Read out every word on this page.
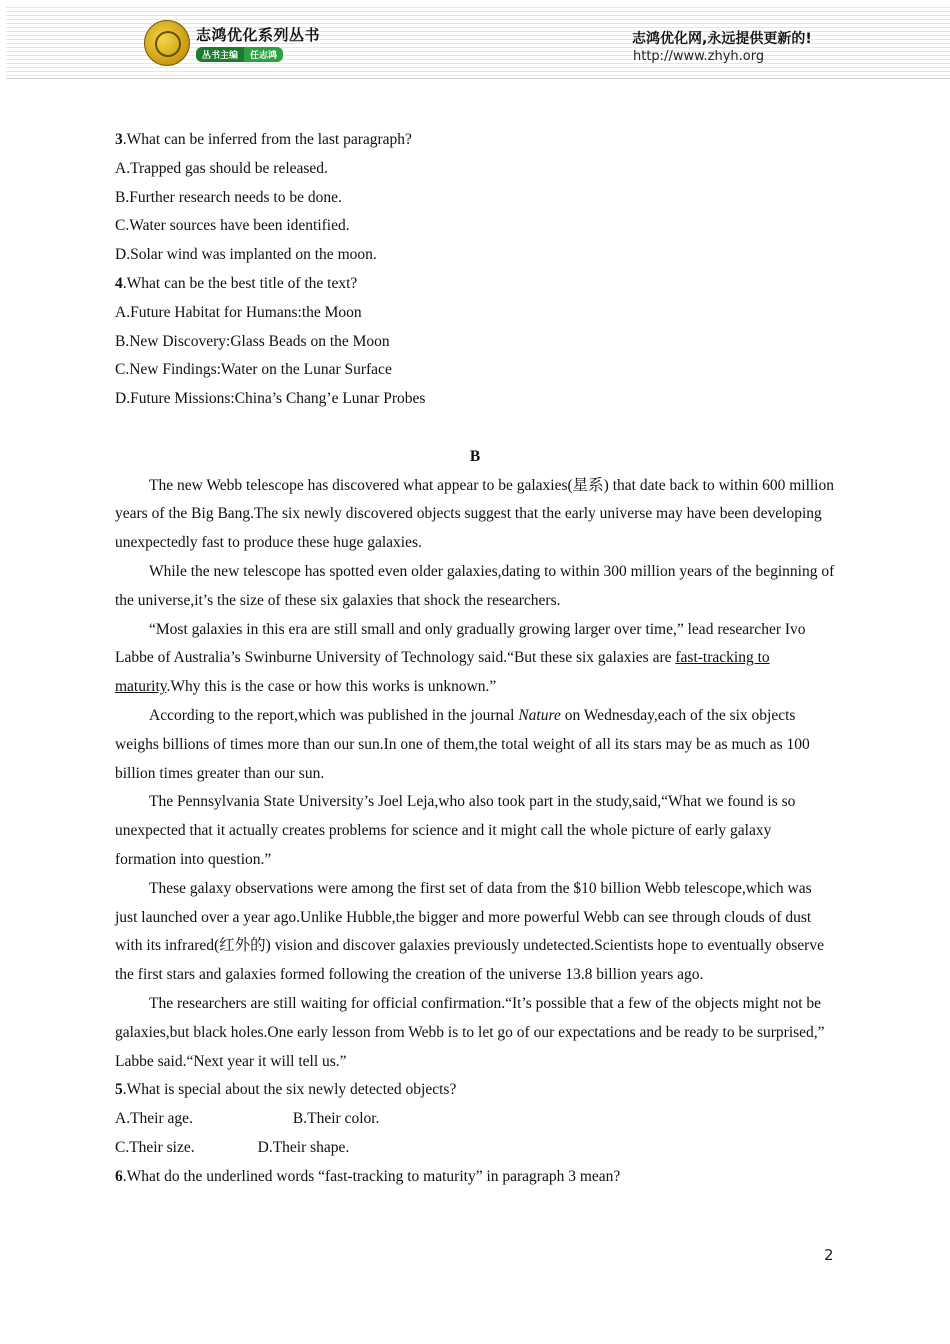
志鸿优化系列丛书
丛书主编	任志鸿
志鸿优化网,永远提供更新的!
http://www.zhyh.org

3.What can be inferred from the last paragraph?

A.Trapped gas should be released.

B.Further research needs to be done.

C.Water sources have been identified.

D.Solar wind was implanted on the moon.

4.What can be the best title of the text?

A.Future Habitat for Humans:the Moon

B.New Discovery:Glass Beads on the Moon

C.New Findings:Water on the Lunar Surface

D.Future Missions:China’s Chang’e Lunar Probes

B

The new Webb telescope has discovered what appear to be galaxies(星系) that date back to within 600 million years of the Big Bang.The six newly discovered objects suggest that the early universe may have been developing unexpectedly fast to produce these huge galaxies.

While the new telescope has spotted even older galaxies,dating to within 300 million years of the beginning of the universe,it’s the size of these six galaxies that shock the researchers.

“Most galaxies in this era are still small and only gradually growing larger over time,” lead researcher Ivo Labbe of Australia’s Swinburne University of Technology said.“But these six galaxies are fast-tracking to maturity.Why this is the case or how this works is unknown.”

According to the report,which was published in the journal Nature on Wednesday,each of the six objects weighs billions of times more than our sun.In one of them,the total weight of all its stars may be as much as 100 billion times greater than our sun.

The Pennsylvania State University’s Joel Leja,who also took part in the study,said,“What we found is so unexpected that it actually creates problems for science and it might call the whole picture of early galaxy formation into question.”

These galaxy observations were among the first set of data from the $10 billion Webb telescope,which was just launched over a year ago.Unlike Hubble,the bigger and more powerful Webb can see through clouds of dust with its infrared(红外的) vision and discover galaxies previously undetected.Scientists hope to eventually observe the first stars and galaxies formed following the creation of the universe 13.8 billion years ago.

The researchers are still waiting for official confirmation.“It’s possible that a few of the objects might not be galaxies,but black holes.One early lesson from Webb is to let go of our expectations and be ready to be surprised,” Labbe said.“Next year it will tell us.”

5.What is special about the six newly detected objects?

A.Their age.	B.Their color.

C.Their size.	D.Their shape.

6.What do the underlined words “fast-tracking to maturity” in paragraph 3 mean?

2
